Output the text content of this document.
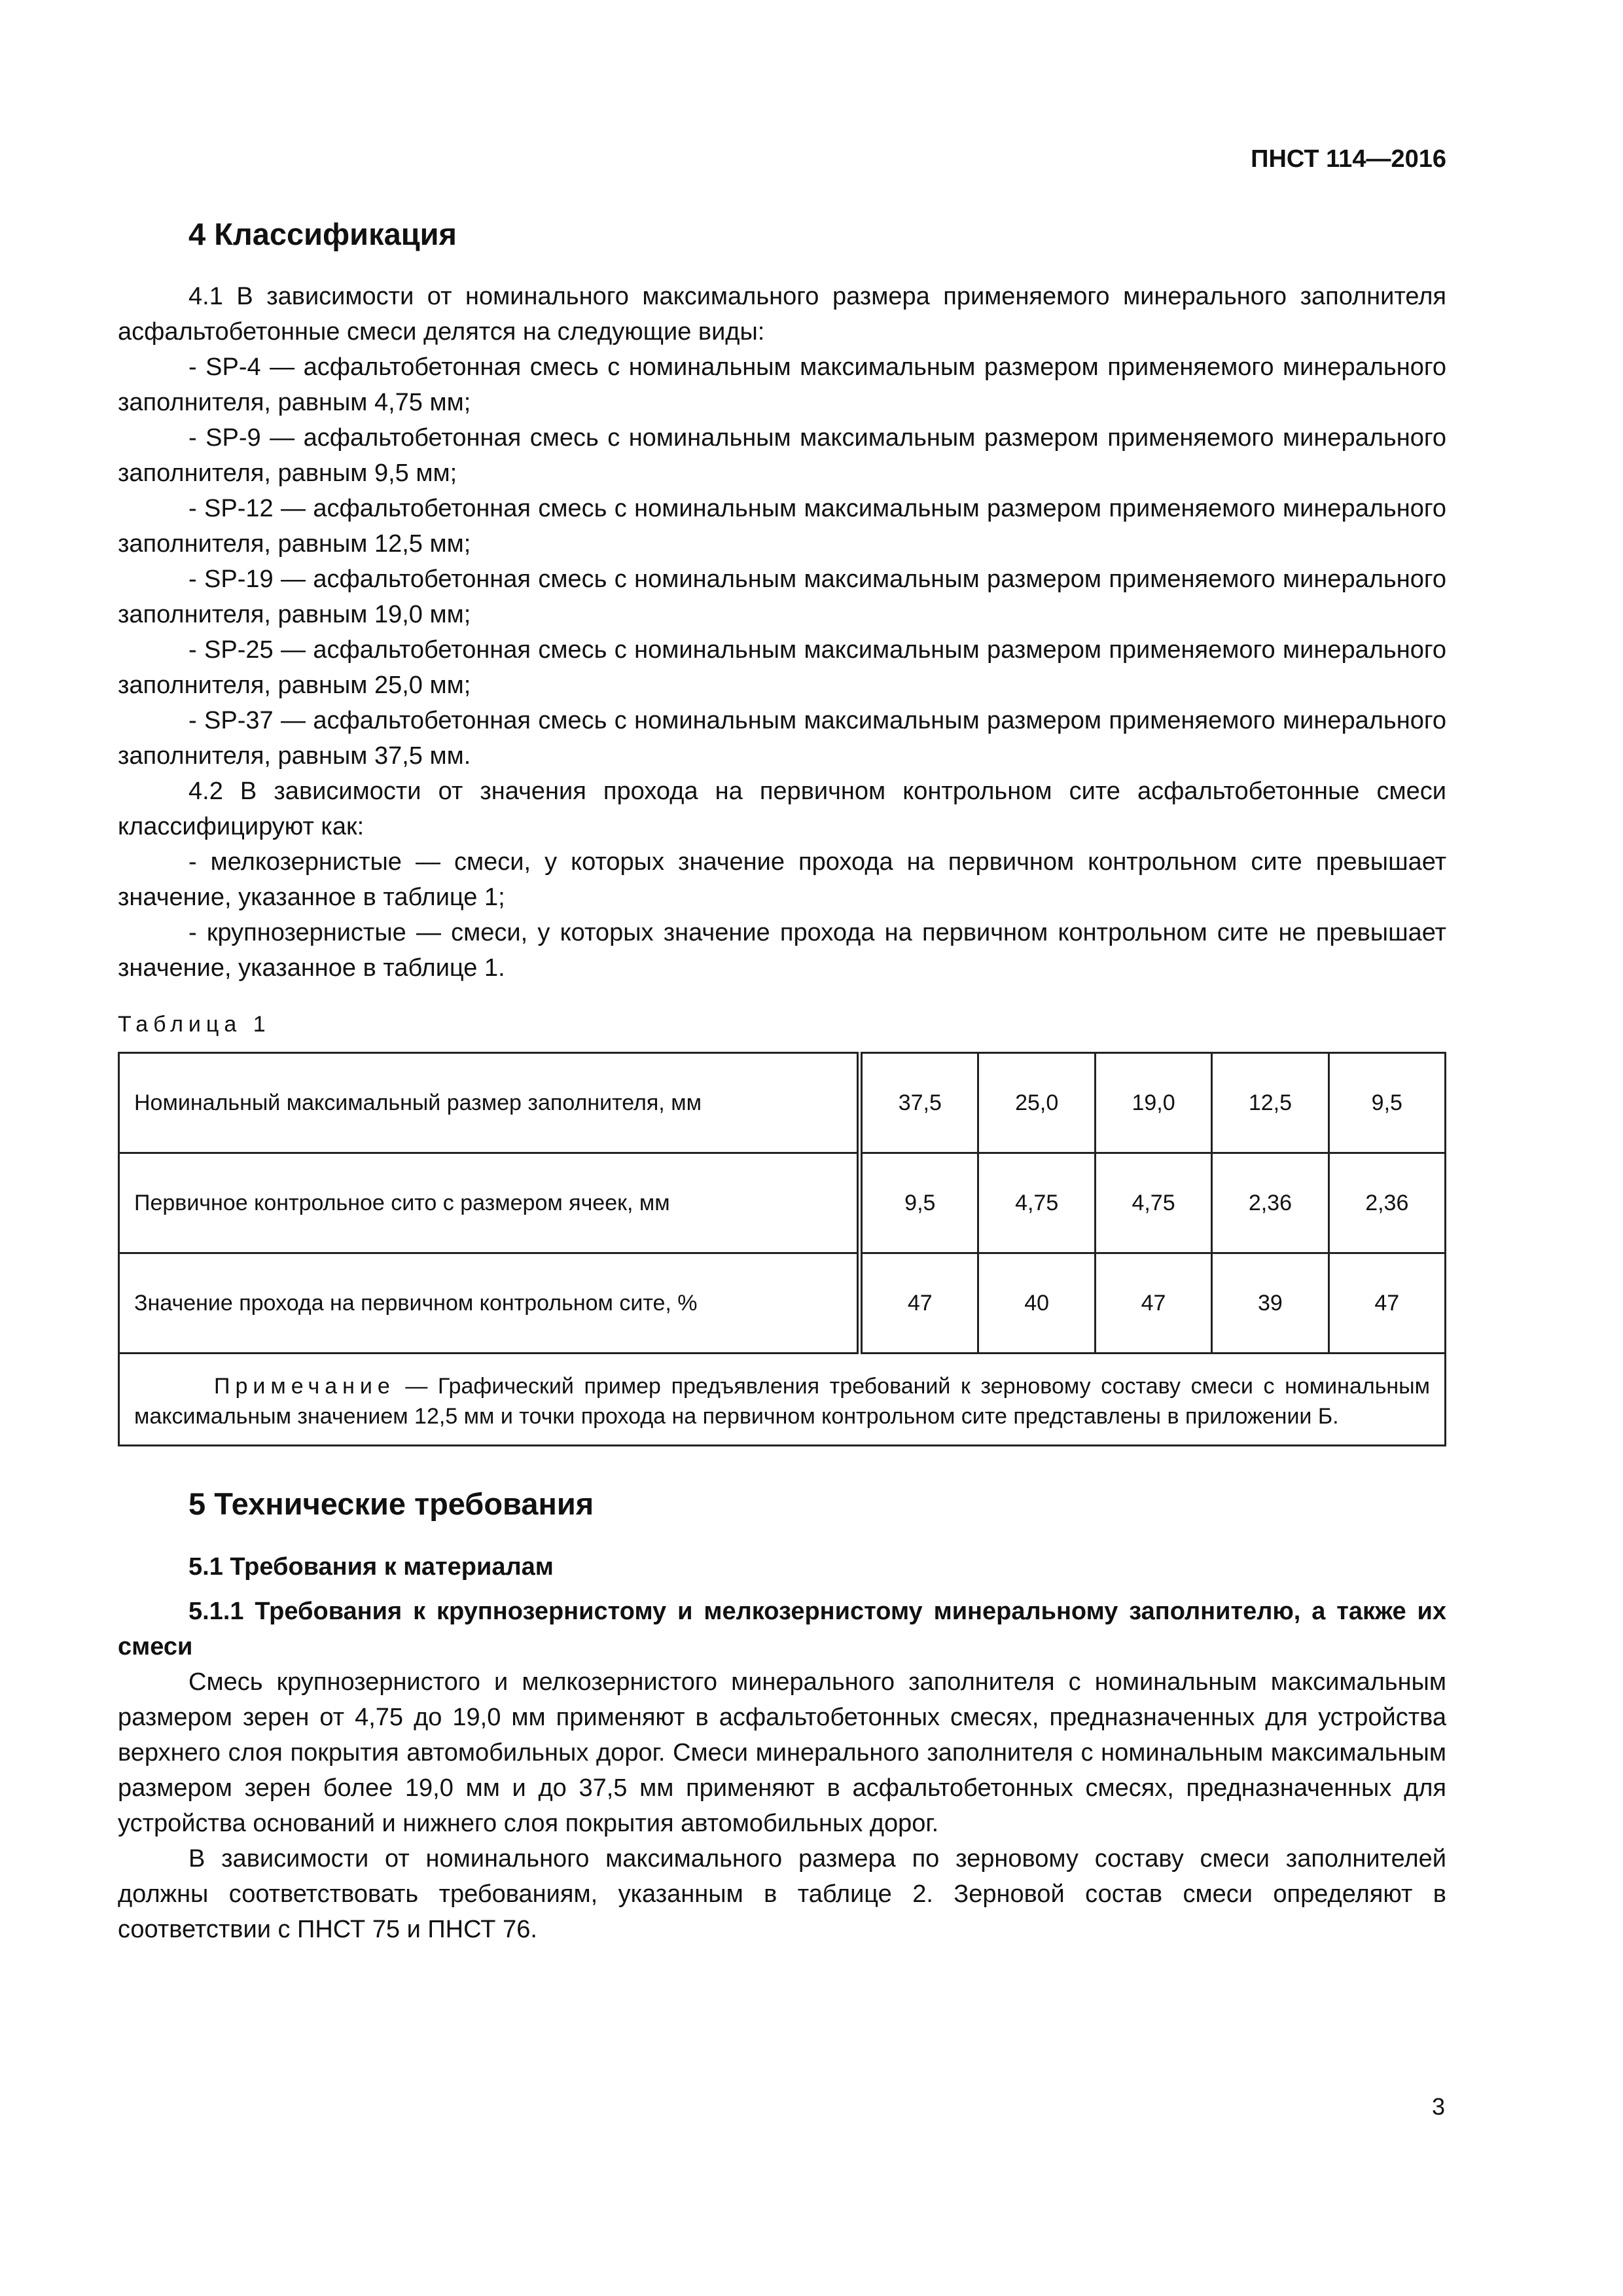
ПНСТ 114—2016
4 Классификация

4.1 В зависимости от номинального максимального размера применяемого минерального заполнителя асфальтобетонные смеси делятся на следующие виды:

- SP-4 — асфальтобетонная смесь с номинальным максимальным размером применяемого минерального заполнителя, равным 4,75 мм;

- SP-9 — асфальтобетонная смесь с номинальным максимальным размером применяемого минерального заполнителя, равным 9,5 мм;

- SP-12 — асфальтобетонная смесь с номинальным максимальным размером применяемого минерального заполнителя, равным 12,5 мм;

- SP-19 — асфальтобетонная смесь с номинальным максимальным размером применяемого минерального заполнителя, равным 19,0 мм;

- SP-25 — асфальтобетонная смесь с номинальным максимальным размером применяемого минерального заполнителя, равным 25,0 мм;

- SP-37 — асфальтобетонная смесь с номинальным максимальным размером применяемого минерального заполнителя, равным 37,5 мм.

4.2 В зависимости от значения прохода на первичном контрольном сите асфальтобетонные смеси классифицируют как:

- мелкозернистые — смеси, у которых значение прохода на первичном контрольном сите превышает значение, указанное в таблице 1;

- крупнозернистые — смеси, у которых значение прохода на первичном контрольном сите не превышает значение, указанное в таблице 1.

Таблица 1
Номинальный максимальный размер заполнителя, мм	37,5	25,0	19,0	12,5	9,5
Первичное контрольное сито с размером ячеек, мм	9,5	4,75	4,75	2,36	2,36
Значение прохода на первичном контрольном сите, %	47	40	47	39	47
Примечание — Графический пример предъявления требований к зерновому составу смеси с номинальным максимальным значением 12,5 мм и точки прохода на первичном контрольном сите представлены в приложении Б.					
5 Технические требования
5.1 Требования к материалам
5.1.1 Требования к крупнозернистому и мелкозернистому минеральному заполнителю, а также их смеси

Смесь крупнозернистого и мелкозернистого минерального заполнителя с номинальным максимальным размером зерен от 4,75 до 19,0 мм применяют в асфальтобетонных смесях, предназначенных для устройства верхнего слоя покрытия автомобильных дорог. Смеси минерального заполнителя с номинальным максимальным размером зерен более 19,0 мм и до 37,5 мм применяют в асфальтобетонных смесях, предназначенных для устройства оснований и нижнего слоя покрытия автомобильных дорог.

В зависимости от номинального максимального размера по зерновому составу смеси заполнителей должны соответствовать требованиям, указанным в таблице 2. Зерновой состав смеси определяют в соответствии с ПНСТ 75 и ПНСТ 76.

3
